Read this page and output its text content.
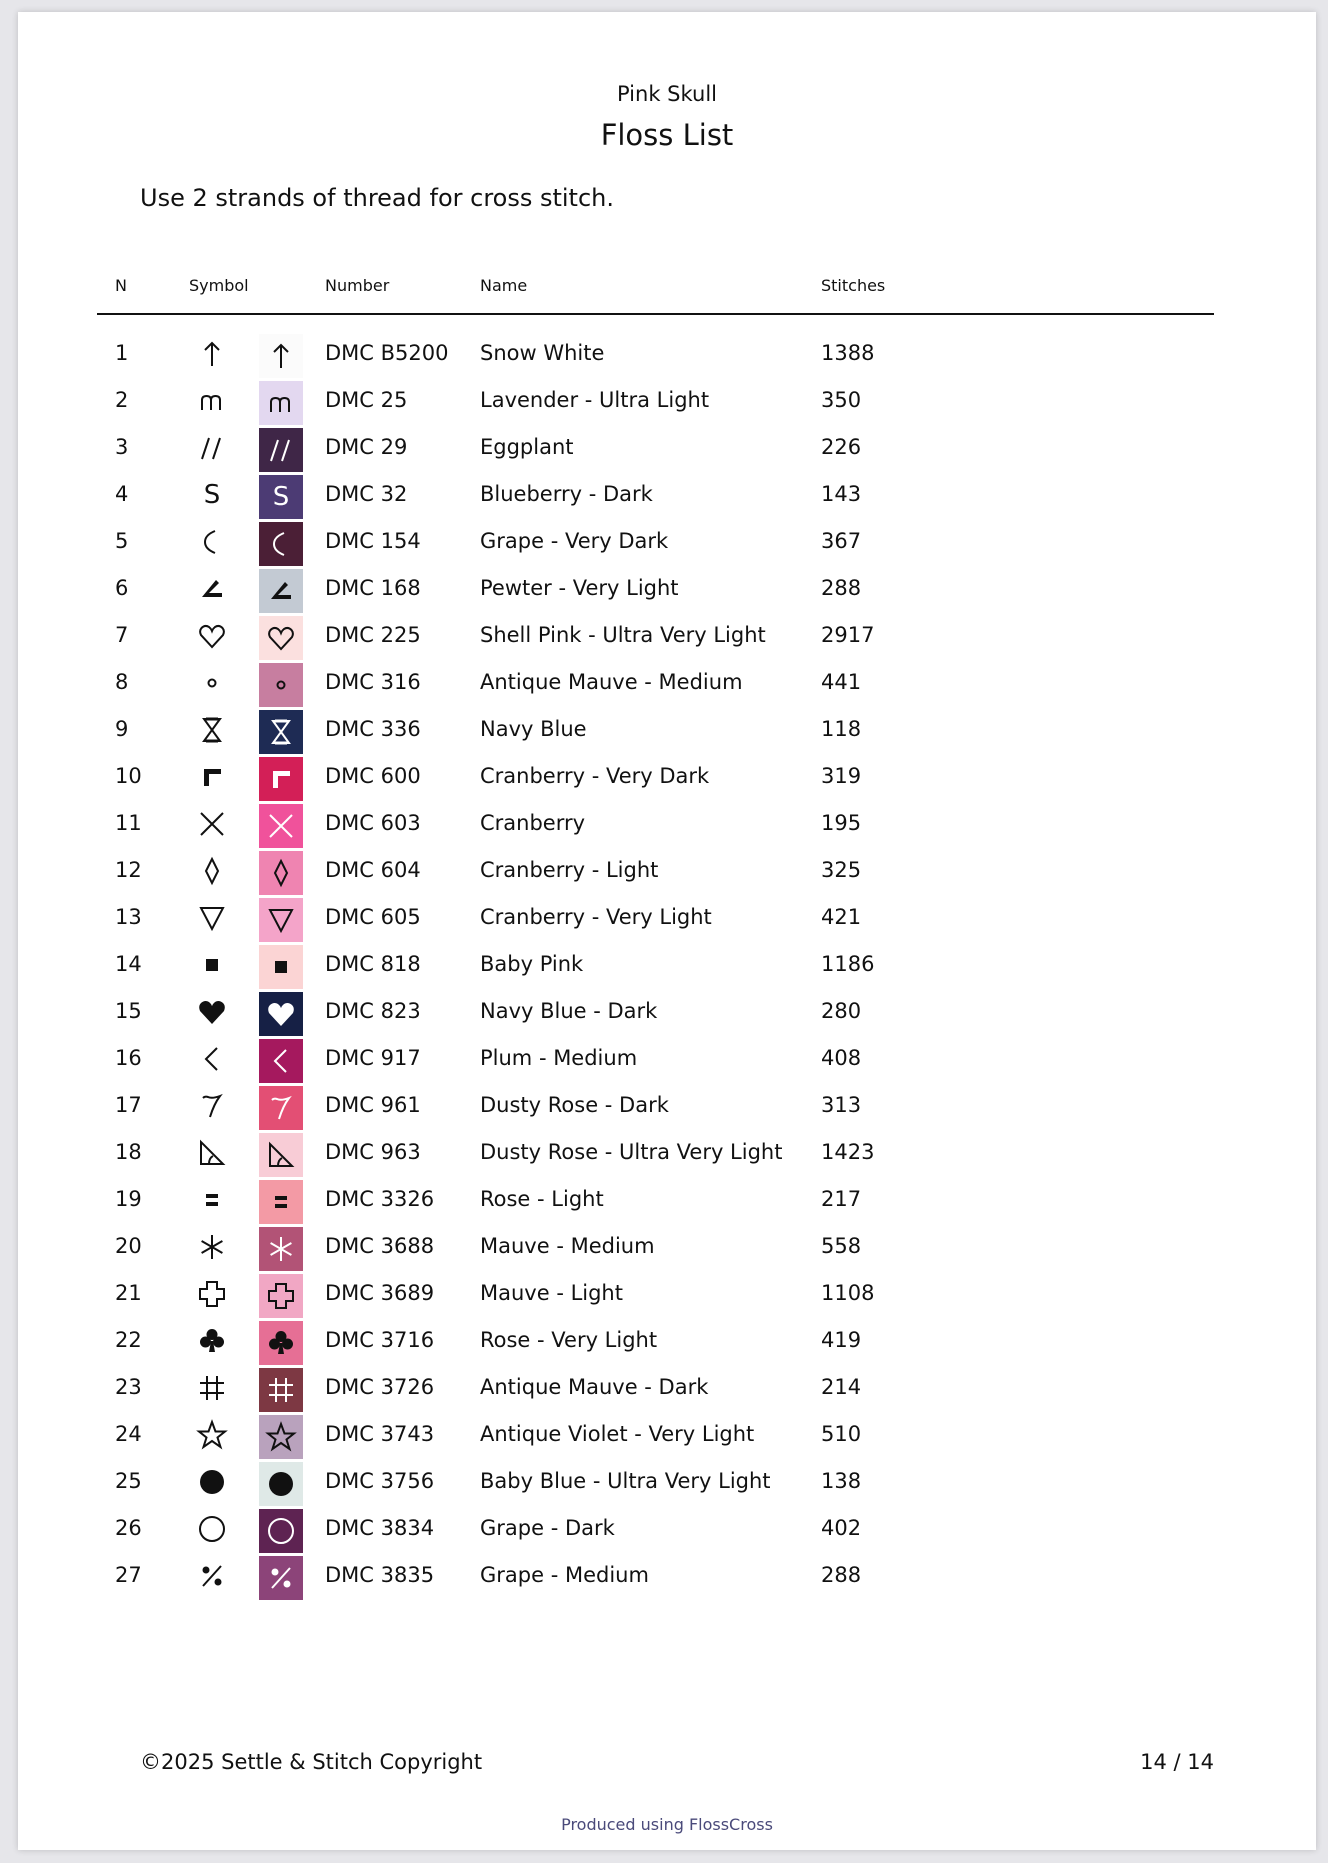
Pink Skull
Floss List
Use 2 strands of thread for cross stitch.
N	Symbol	Number	Name	Stitches
1	DMC B5200 Snow White	1388
2	DMC 25	Lavender - Ultra Light	350
3	DMC 29	Eggplant	226
4	S S DMC 32	Blueberry - Dark	143
5	DMC 154	Grape - Very Dark	367
6	DMC 168	Pewter - Very Light	288
7	DMC 225	Shell Pink - Ultra Very Light	2917
8	DMC 316	Antique Mauve - Medium	441
9	DMC 336	Navy Blue	118
10	DMC 600	Cranberry - Very Dark	319
11	DMC 603	Cranberry	195
12	DMC 604	Cranberry - Light	325
13	DMC 605	Cranberry - Very Light	421
14	DMC 818	Baby Pink	1186
15	DMC 823	Navy Blue - Dark	280
16	DMC 917	Plum - Medium	408
17	DMC 961	Dusty Rose - Dark	313
18	DMC 963	Dusty Rose - Ultra Very Light 1423
19	DMC 3326 Rose - Light	217
20	DMC 3688 Mauve - Medium	558
21	DMC 3689 Mauve - Light	1108
22	DMC 3716 Rose - Very Light	419
23	DMC 3726 Antique Mauve - Dark	214
24	DMC 3743 Antique Violet - Very Light	510
25	DMC 3756 Baby Blue - Ultra Very Light 138
26	DMC 3834 Grape - Dark	402
27	DMC 3835 Grape - Medium	288
©2025 Settle & Stitch Copyright	14 / 14
Produced using FlossCross
